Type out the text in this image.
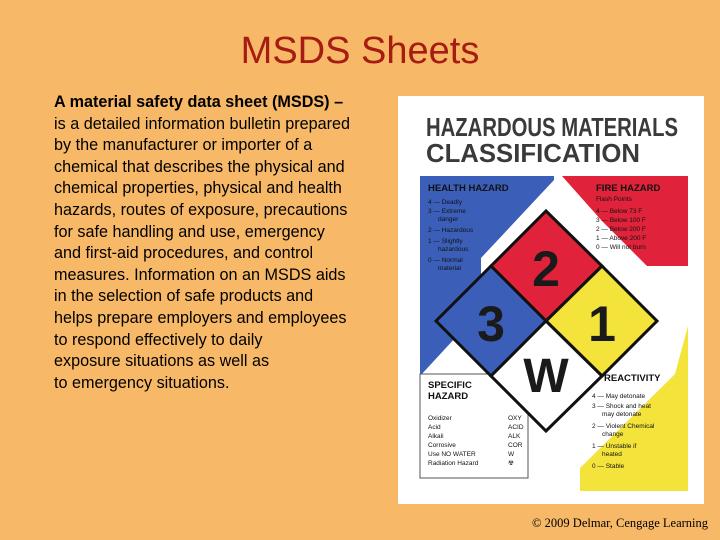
MSDS Sheets
A material safety data sheet (MSDS) –
is a detailed information bulletin prepared
by the manufacturer or importer of a
chemical that describes the physical and
chemical properties, physical and health
hazards, routes of exposure, precautions
for safe handling and use, emergency
and first-aid procedures, and control
measures. Information on an MSDS aids
in the selection of safe products and
helps prepare employers and employees
to respond effectively to daily
exposure situations as well as
to emergency situations.
HAZARDOUS MATERIALS
CLASSIFICATION
2
3 1
W
HEALTH HAZARD
4 — Deadly
3 — Extreme
danger
2 — Hazardous
1 — Slightly
hazardous
0 — Normal
material
FIRE HAZARD
Flash Points
4 — Below 73 F
3 — Below 100 F
2 — Below 200 F
1 — Above 200 F
0 — Will not burn
REACTIVITY
4 — May detonate
3 — Shock and heat
may detonate
2 — Violent Chemical
change
1 — Unstable if
heated
0 — Stable
SPECIFIC
HAZARD
Oxidizer
Acid
Alkali
Corrosive
Use NO WATER
Radiation Hazard
OXY
ACID
ALK
COR
W
☢
© 2009 Delmar, Cengage Learning
